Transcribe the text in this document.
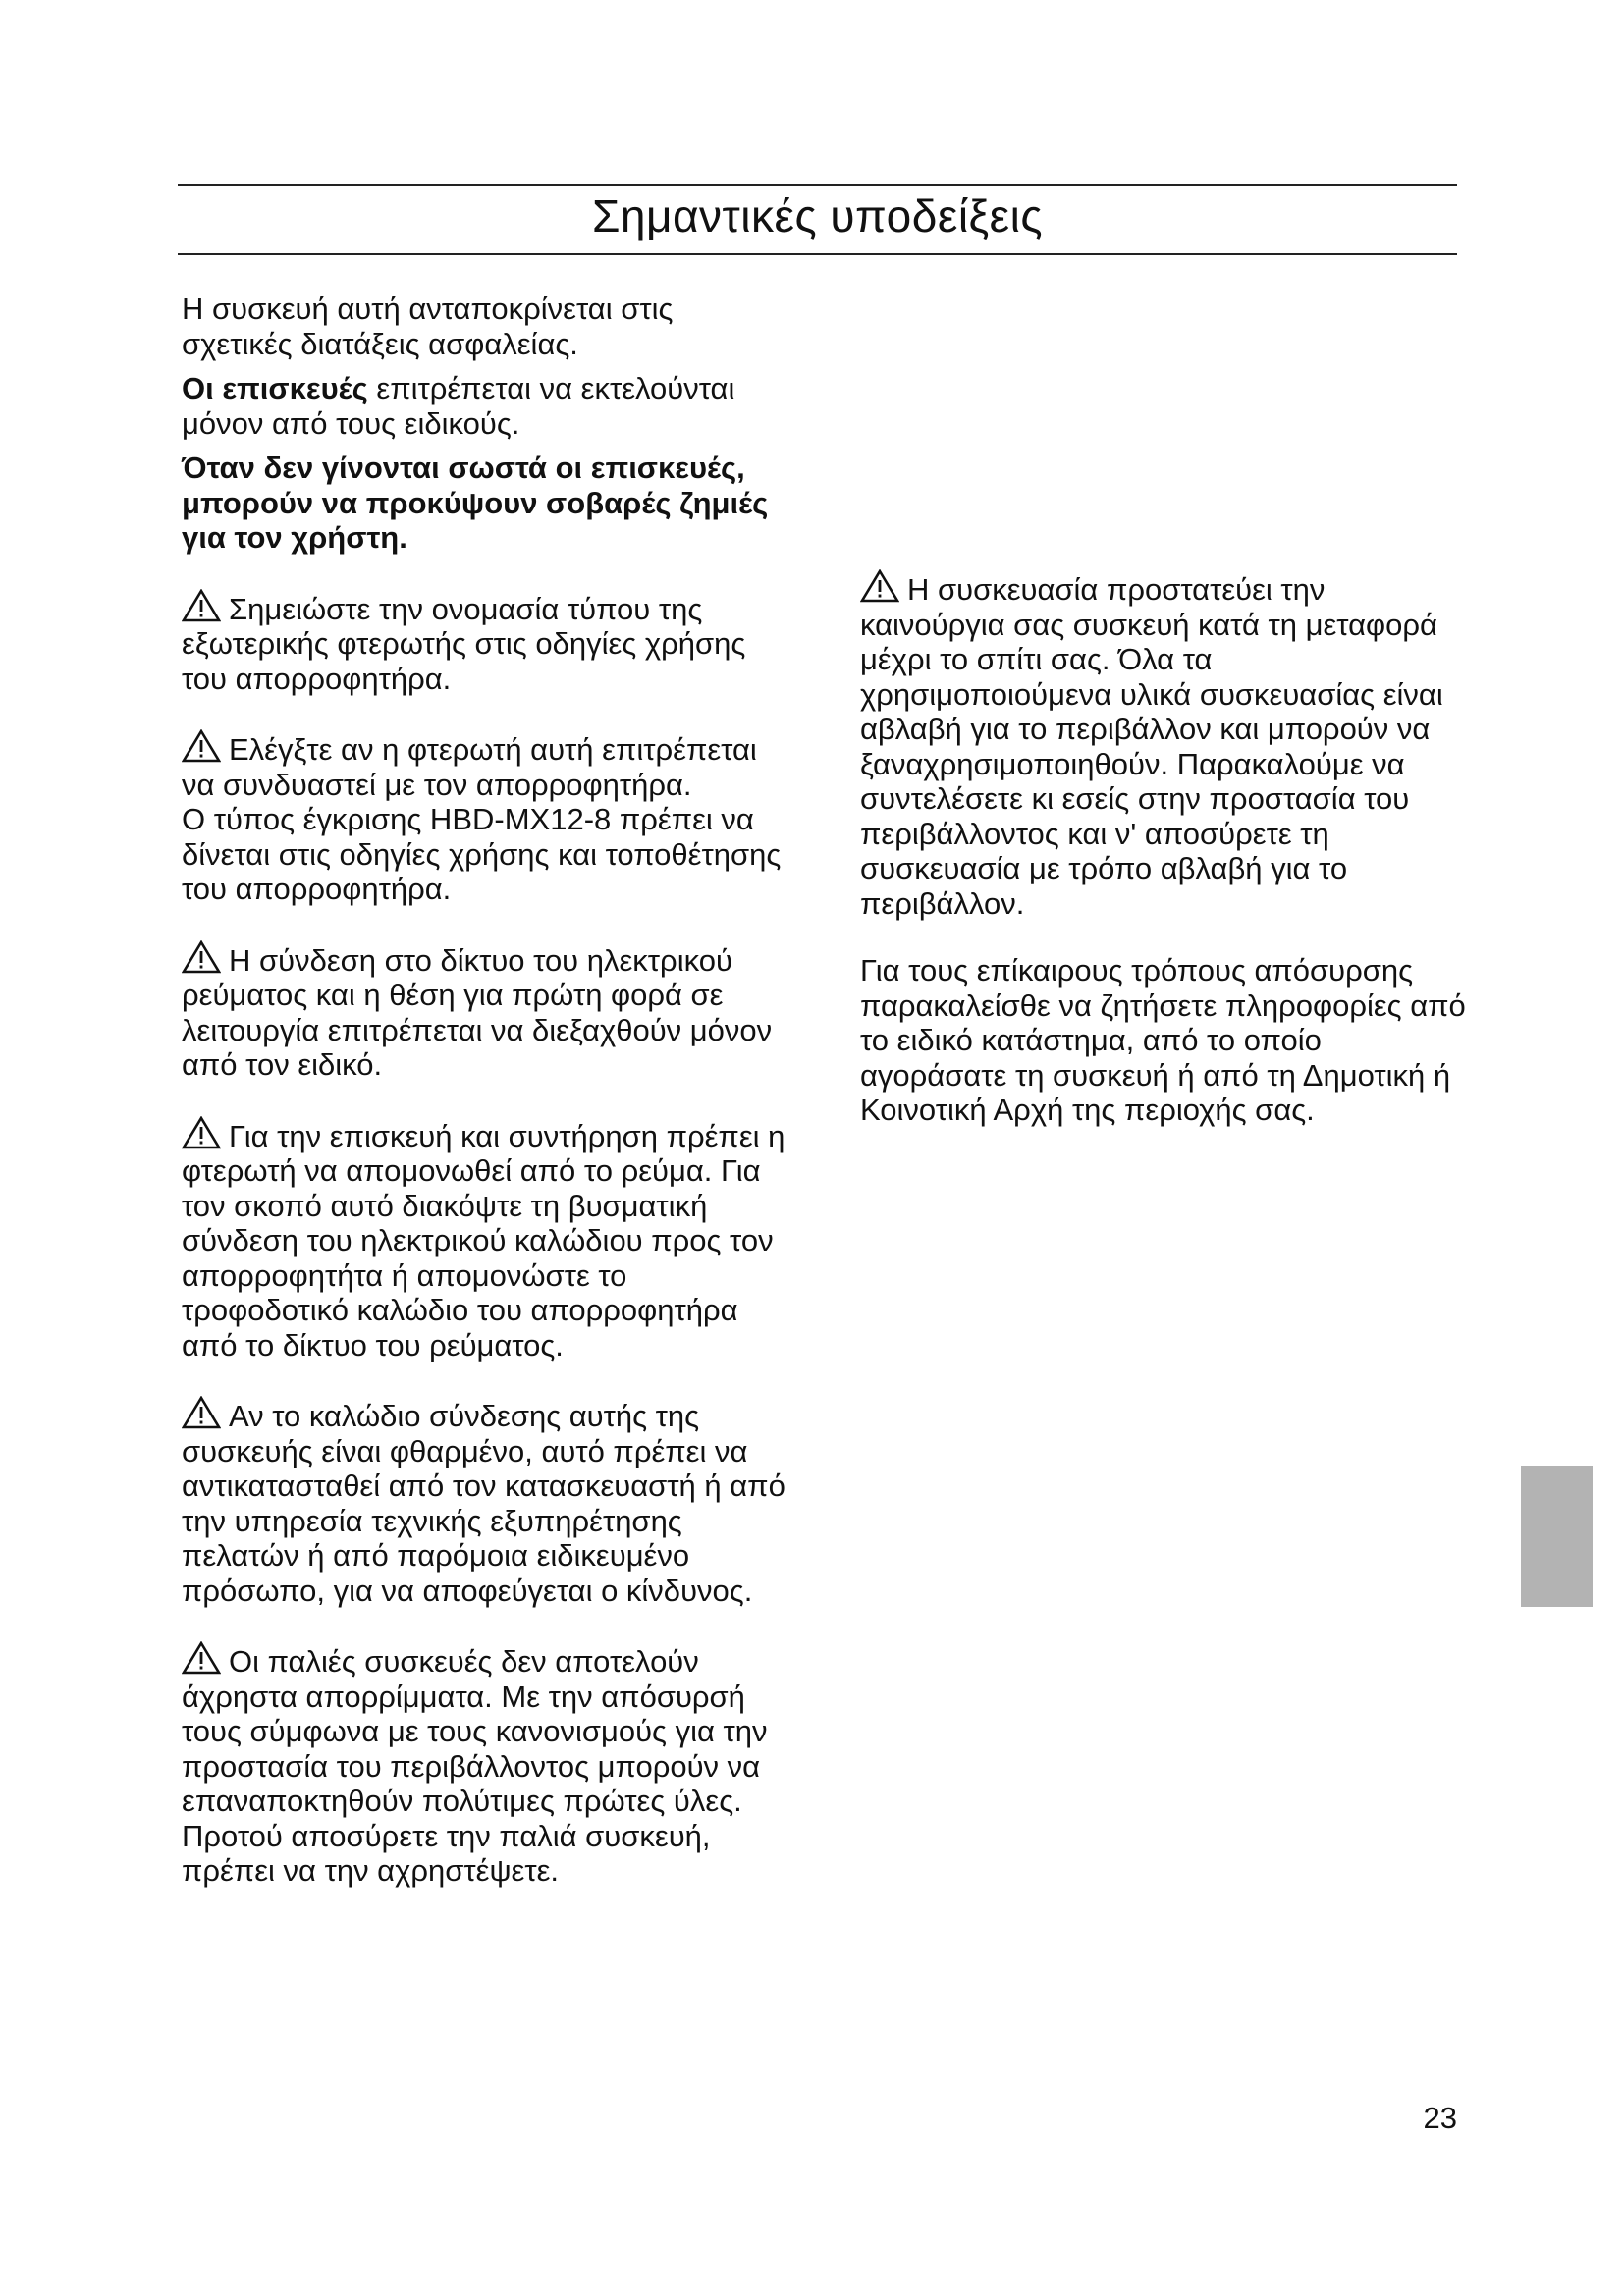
Σημαντικές υποδείξεις

Η συσκευή αυτή ανταποκρίνεται στις σχετικές διατάξεις ασφαλείας.

Οι επισκευές επιτρέπεται να εκτελούνται μόνον από τους ειδικούς.

Όταν δεν γίνονται σωστά οι επισκευές, μπορούν να προκύψουν σοβαρές ζημιές για τον χρήστη.

Σημειώστε την ονομασία τύπου της εξωτερικής φτερωτής στις οδηγίες χρήσης του απορροφητήρα.

Ελέγξτε αν η φτερωτή αυτή επιτρέπεται να συνδυαστεί με τον απορροφητήρα.

Ο τύπος έγκρισης HBD-MX12-8 πρέπει να δίνεται στις οδηγίες χρήσης και τοποθέτησης του απορροφητήρα.

Η σύνδεση στο δίκτυο του ηλεκτρικού ρεύματος και η θέση για πρώτη φορά σε λειτουργία επιτρέπεται να διεξαχθούν μόνον από τον ειδικό.

Για την επισκευή και συντήρηση πρέπει η φτερωτή να απομονωθεί από το ρεύμα. Για τον σκοπό αυτό διακόψτε τη βυσματική σύνδεση του ηλεκτρικού καλώδιου προς τον απορροφητήτα ή απομονώστε το τροφοδοτικό καλώδιο του απορροφητήρα από το δίκτυο του ρεύματος.

Αν το καλώδιο σύνδεσης αυτής της συσκευής είναι φθαρμένο, αυτό πρέπει να αντικατασταθεί από τον κατασκευαστή ή από την υπηρεσία τεχνικής εξυπηρέτησης πελατών ή από παρόμοια ειδικευμένο πρόσωπο, για να αποφεύγεται ο κίνδυνος.

Οι παλιές συσκευές δεν αποτελούν άχρηστα απορρίμματα. Με την απόσυρσή τους σύμφωνα με τους κανονισμούς για την προστασία του περιβάλλοντος μπορούν να επαναποκτηθούν πολύτιμες πρώτες ύλες.

Προτού αποσύρετε την παλιά συσκευή, πρέπει να την αχρηστέψετε.

Η συσκευασία προστατεύει την καινούργια σας συσκευή κατά τη μεταφορά μέχρι το σπίτι σας. Όλα τα χρησιμοποιούμενα υλικά συσκευασίας είναι αβλαβή για το περιβάλλον και μπορούν να ξαναχρησιμοποιηθούν. Παρακαλούμε να συντελέσετε κι εσείς στην προστασία του περιβάλλοντος και ν' αποσύρετε τη συσκευασία με τρόπο αβλαβή για το περιβάλλον.

Για τους επίκαιρους τρόπους απόσυρσης παρακαλείσθε να ζητήσετε πληροφορίες από το ειδικό κατάστημα, από το οποίο αγοράσατε τη συσκευή ή από τη Δημοτική ή Κοινοτική Αρχή της περιοχής σας.

23
